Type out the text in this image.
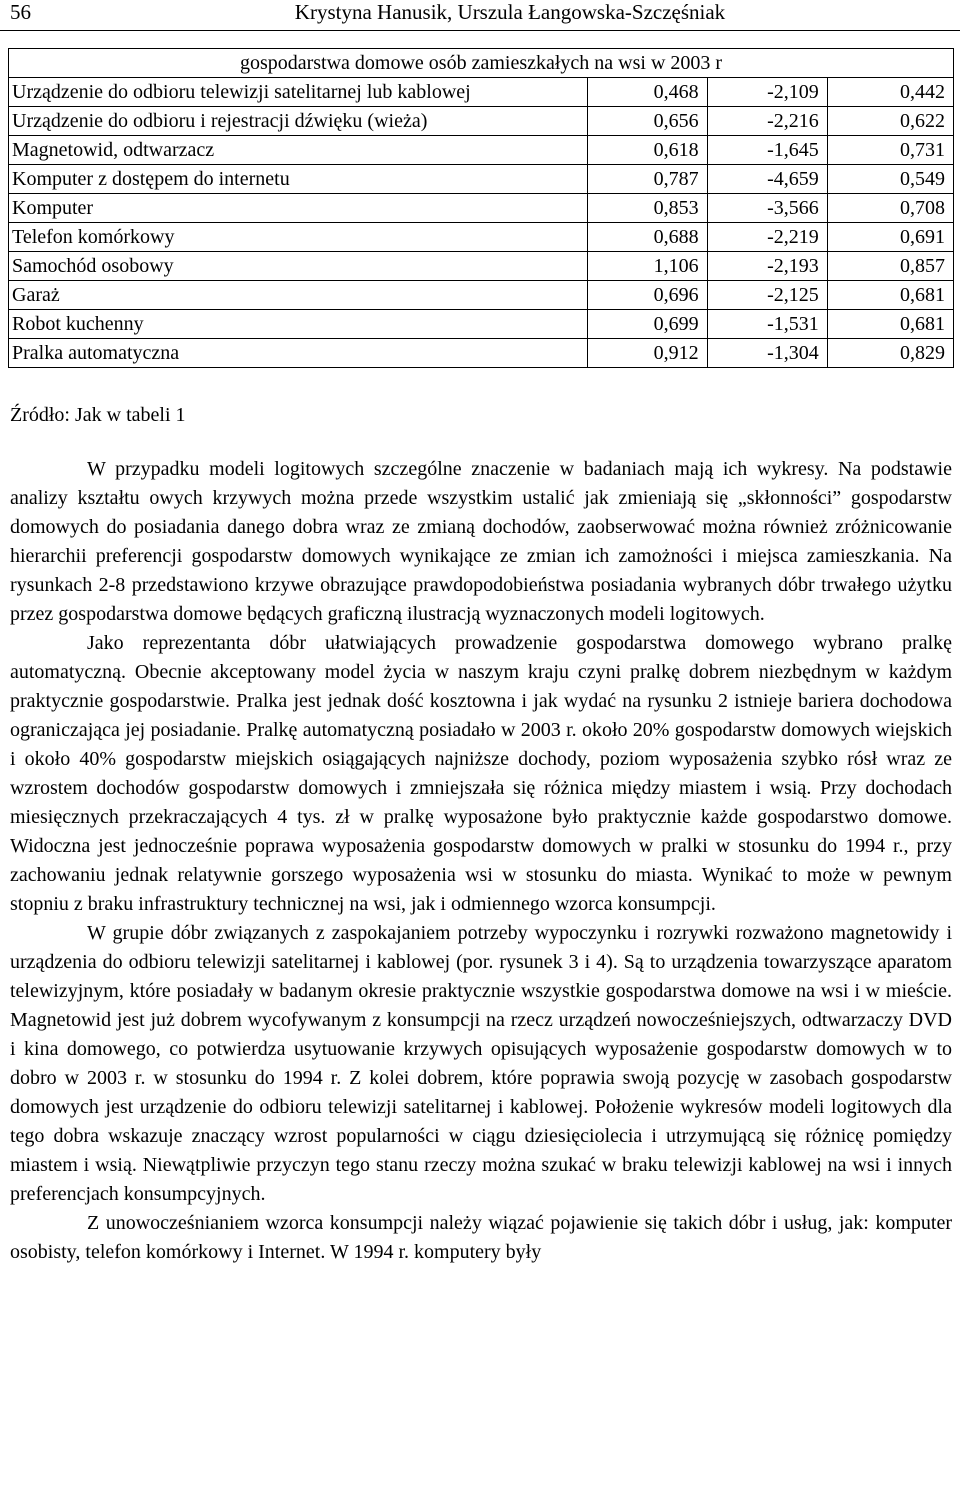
56	Krystyna Hanusik, Urszula Łangowska-Szczęśniak
gospodarstwa domowe osób zamieszkałych na wsi w 2003 r			
Urządzenie do odbioru telewizji satelitarnej lub kablowej	0,468	-2,109	0,442
Urządzenie do odbioru i rejestracji dźwięku (wieża)	0,656	-2,216	0,622
Magnetowid, odtwarzacz	0,618	-1,645	0,731
Komputer z dostępem do internetu	0,787	-4,659	0,549
Komputer	0,853	-3,566	0,708
Telefon komórkowy	0,688	-2,219	0,691
Samochód osobowy	1,106	-2,193	0,857
Garaż	0,696	-2,125	0,681
Robot kuchenny	0,699	-1,531	0,681
Pralka automatyczna	0,912	-1,304	0,829
Źródło: Jak w tabeli 1

W przypadku modeli logitowych szczególne znaczenie w badaniach mają ich wykresy. Na podstawie analizy kształtu owych krzywych można przede wszystkim ustalić jak zmieniają się „skłonności” gospodarstw domowych do posiadania danego dobra wraz ze zmianą dochodów, zaobserwować można również zróżnicowanie hierarchii preferencji gospodarstw domowych wynikające ze zmian ich zamożności i miejsca zamieszkania. Na rysunkach 2-8 przedstawiono krzywe obrazujące prawdopodobieństwa posiadania wybranych dóbr trwałego użytku przez gospodarstwa domowe będących graficzną ilustracją wyznaczonych modeli logitowych.

Jako reprezentanta dóbr ułatwiających prowadzenie gospodarstwa domowego wybrano pralkę automatyczną. Obecnie akceptowany model życia w naszym kraju czyni pralkę dobrem niezbędnym w każdym praktycznie gospodarstwie. Pralka jest jednak dość kosztowna i jak wydać na rysunku 2 istnieje bariera dochodowa ograniczająca jej posiadanie. Pralkę automatyczną posiadało w 2003 r. około 20% gospodarstw domowych wiejskich i około 40% gospodarstw miejskich osiągających najniższe dochody, poziom wyposażenia szybko rósł wraz ze wzrostem dochodów gospodarstw domowych i zmniejszała się różnica między miastem i wsią. Przy dochodach miesięcznych przekraczających 4 tys. zł w pralkę wyposażone było praktycznie każde gospodarstwo domowe. Widoczna jest jednocześnie poprawa wyposażenia gospodarstw domowych w pralki w stosunku do 1994 r., przy zachowaniu jednak relatywnie gorszego wyposażenia wsi w stosunku do miasta. Wynikać to może w pewnym stopniu z braku infrastruktury technicznej na wsi, jak i odmiennego wzorca konsumpcji.

W grupie dóbr związanych z zaspokajaniem potrzeby wypoczynku i rozrywki rozważono magnetowidy i urządzenia do odbioru telewizji satelitarnej i kablowej (por. rysunek 3 i 4). Są to urządzenia towarzyszące aparatom telewizyjnym, które posiadały w badanym okresie praktycznie wszystkie gospodarstwa domowe na wsi i w mieście. Magnetowid jest już dobrem wycofywanym z konsumpcji na rzecz urządzeń nowocześniejszych, odtwarzaczy DVD i kina domowego, co potwierdza usytuowanie krzywych opisujących wyposażenie gospodarstw domowych w to dobro w 2003 r. w stosunku do 1994 r. Z kolei dobrem, które poprawia swoją pozycję w zasobach gospodarstw domowych jest urządzenie do odbioru telewizji satelitarnej i kablowej. Położenie wykresów modeli logitowych dla tego dobra wskazuje znaczący wzrost popularności w ciągu dziesięciolecia i utrzymującą się różnicę pomiędzy miastem i wsią. Niewątpliwie przyczyn tego stanu rzeczy można szukać w braku telewizji kablowej na wsi i innych preferencjach konsumpcyjnych.

Z unowocześnianiem wzorca konsumpcji należy wiązać pojawienie się takich dóbr i usług, jak: komputer osobisty, telefon komórkowy i Internet. W 1994 r. komputery były
